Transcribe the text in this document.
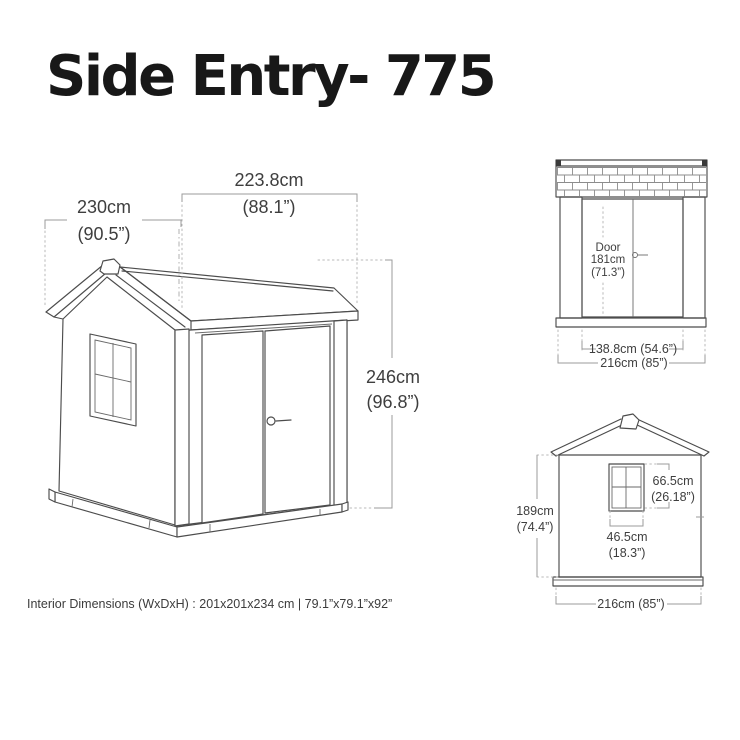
Side Entry- 775
223.8cm
(88.1”)
230cm
(90.5”)
246cm
(96.8”)
Door
181cm
(71.3”)
138.8cm (54.6”)
216cm (85”)
66.5cm
(26.18”)
46.5cm
(18.3”)
189cm
(74.4”)
216cm (85”)
Interior Dimensions (WxDxH) : 201x201x234 cm | 79.1”x79.1”x92”
